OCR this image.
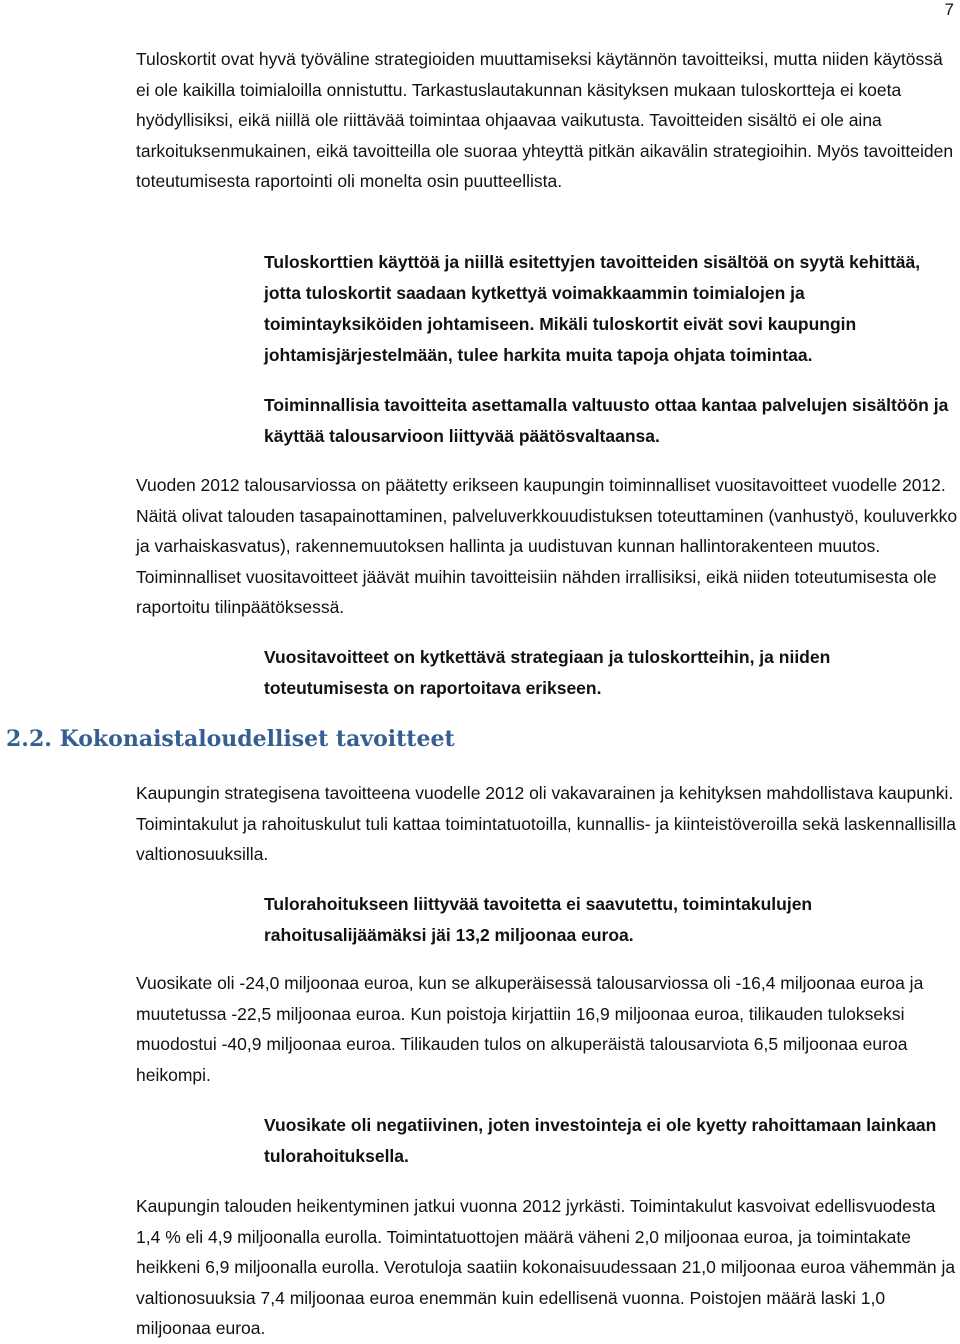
7

Tuloskortit ovat hyvä työväline strategioiden muuttamiseksi käytännön tavoitteiksi, mutta niiden käytössä ei ole kaikilla toimialoilla onnistuttu. Tarkastuslautakunnan käsityksen mukaan tuloskortteja ei koeta hyödyllisiksi, eikä niillä ole riittävää toimintaa ohjaavaa vaikutusta. Tavoitteiden sisältö ei ole aina tarkoituksenmukainen, eikä tavoitteilla ole suoraa yhteyttä pitkän aikavälin strategioihin. Myös tavoitteiden toteutumisesta raportointi oli monelta osin puutteellista.

Tuloskorttien käyttöä ja niillä esitettyjen tavoitteiden sisältöä on syytä kehittää, jotta tuloskortit saadaan kytkettyä voimakkaammin toimialojen ja toimintayksiköiden johtamiseen. Mikäli tuloskortit eivät sovi kaupungin johtamisjärjestelmään, tulee harkita muita tapoja ohjata toimintaa.

Toiminnallisia tavoitteita asettamalla valtuusto ottaa kantaa palvelujen sisältöön ja käyttää talousarvioon liittyvää päätösvaltaansa.

Vuoden 2012 talousarviossa on päätetty erikseen kaupungin toiminnalliset vuositavoitteet vuodelle 2012. Näitä olivat talouden tasapainottaminen, palveluverkkouudistuksen toteuttaminen (vanhustyö, kouluverkko ja varhaiskasvatus), rakennemuutoksen hallinta ja uudistuvan kunnan hallintorakenteen muutos. Toiminnalliset vuositavoitteet jäävät muihin tavoitteisiin nähden irrallisiksi, eikä niiden toteutumisesta ole raportoitu tilinpäätöksessä.

Vuositavoitteet on kytkettävä strategiaan ja tuloskortteihin, ja niiden toteutumisesta on raportoitava erikseen.

2.2. Kokonaistaloudelliset tavoitteet

Kaupungin strategisena tavoitteena vuodelle 2012 oli vakavarainen ja kehityksen mahdollistava kaupunki. Toimintakulut ja rahoituskulut tuli kattaa toimintatuotoilla, kunnallis- ja kiinteistöveroilla sekä laskennallisilla valtionosuuksilla.

Tulorahoitukseen liittyvää tavoitetta ei saavutettu, toimintakulujen rahoitusalijäämäksi jäi 13,2 miljoonaa euroa.

Vuosikate oli -24,0 miljoonaa euroa, kun se alkuperäisessä talousarviossa oli -16,4 miljoonaa euroa ja muutetussa -22,5 miljoonaa euroa. Kun poistoja kirjattiin 16,9 miljoonaa euroa, tilikauden tulokseksi muodostui -40,9 miljoonaa euroa. Tilikauden tulos on alkuperäistä talousarviota 6,5 miljoonaa euroa heikompi.

Vuosikate oli negatiivinen, joten investointeja ei ole kyetty rahoittamaan lainkaan tulorahoituksella.

Kaupungin talouden heikentyminen jatkui vuonna 2012 jyrkästi. Toimintakulut kasvoivat edellisvuodesta 1,4 % eli 4,9 miljoonalla eurolla. Toimintatuottojen määrä väheni 2,0 miljoonaa euroa, ja toimintakate heikkeni 6,9 miljoonalla eurolla. Verotuloja saatiin kokonaisuudessaan 21,0 miljoonaa euroa vähemmän ja valtionosuuksia 7,4 miljoonaa euroa enemmän kuin edellisenä vuonna. Poistojen määrä laski 1,0 miljoonaa euroa.
